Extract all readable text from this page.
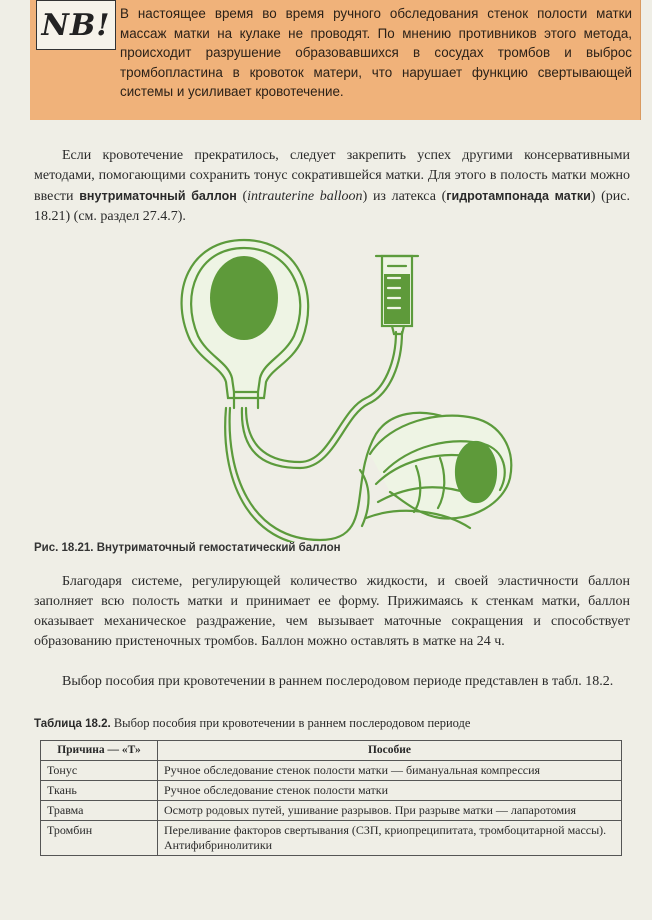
NB! В настоящее время во время ручного обследования стенок полости матки массаж матки на кулаке не проводят. По мнению противников этого метода, происходит разрушение образовавшихся в сосудах тромбов и выброс тромбопластина в кровоток матери, что нарушает функцию свертывающей системы и усиливает кровотечение.
Если кровотечение прекратилось, следует закрепить успех другими консервативными методами, помогающими сохранить тонус сократившейся матки. Для этого в полость матки можно ввести внутриматочный баллон (intrauterine balloon) из латекса (гидротампонада матки) (рис. 18.21) (см. раздел 27.4.7).
Рис. 18.21. Внутриматочный гемостатический баллон
Благодаря системе, регулирующей количество жидкости, и своей эластичности баллон заполняет всю полость матки и принимает ее форму. Прижимаясь к стенкам матки, баллон оказывает механическое раздражение, чем вызывает маточные сокращения и способствует образованию пристеночных тромбов. Баллон можно оставлять в матке на 24 ч.
Выбор пособия при кровотечении в раннем послеродовом периоде представлен в табл. 18.2.
Таблица 18.2. Выбор пособия при кровотечении в раннем послеродовом периоде
Причина — «Т»	Пособие
Тонус	Ручное обследование стенок полости матки — бимануальная компрессия
Ткань	Ручное обследование стенок полости матки
Травма	Осмотр родовых путей, ушивание разрывов. При разрыве матки — лапаротомия
Тромбин	Переливание факторов свертывания (СЗП, криопреципитата, тромбоцитарной массы). Антифибринолитики
